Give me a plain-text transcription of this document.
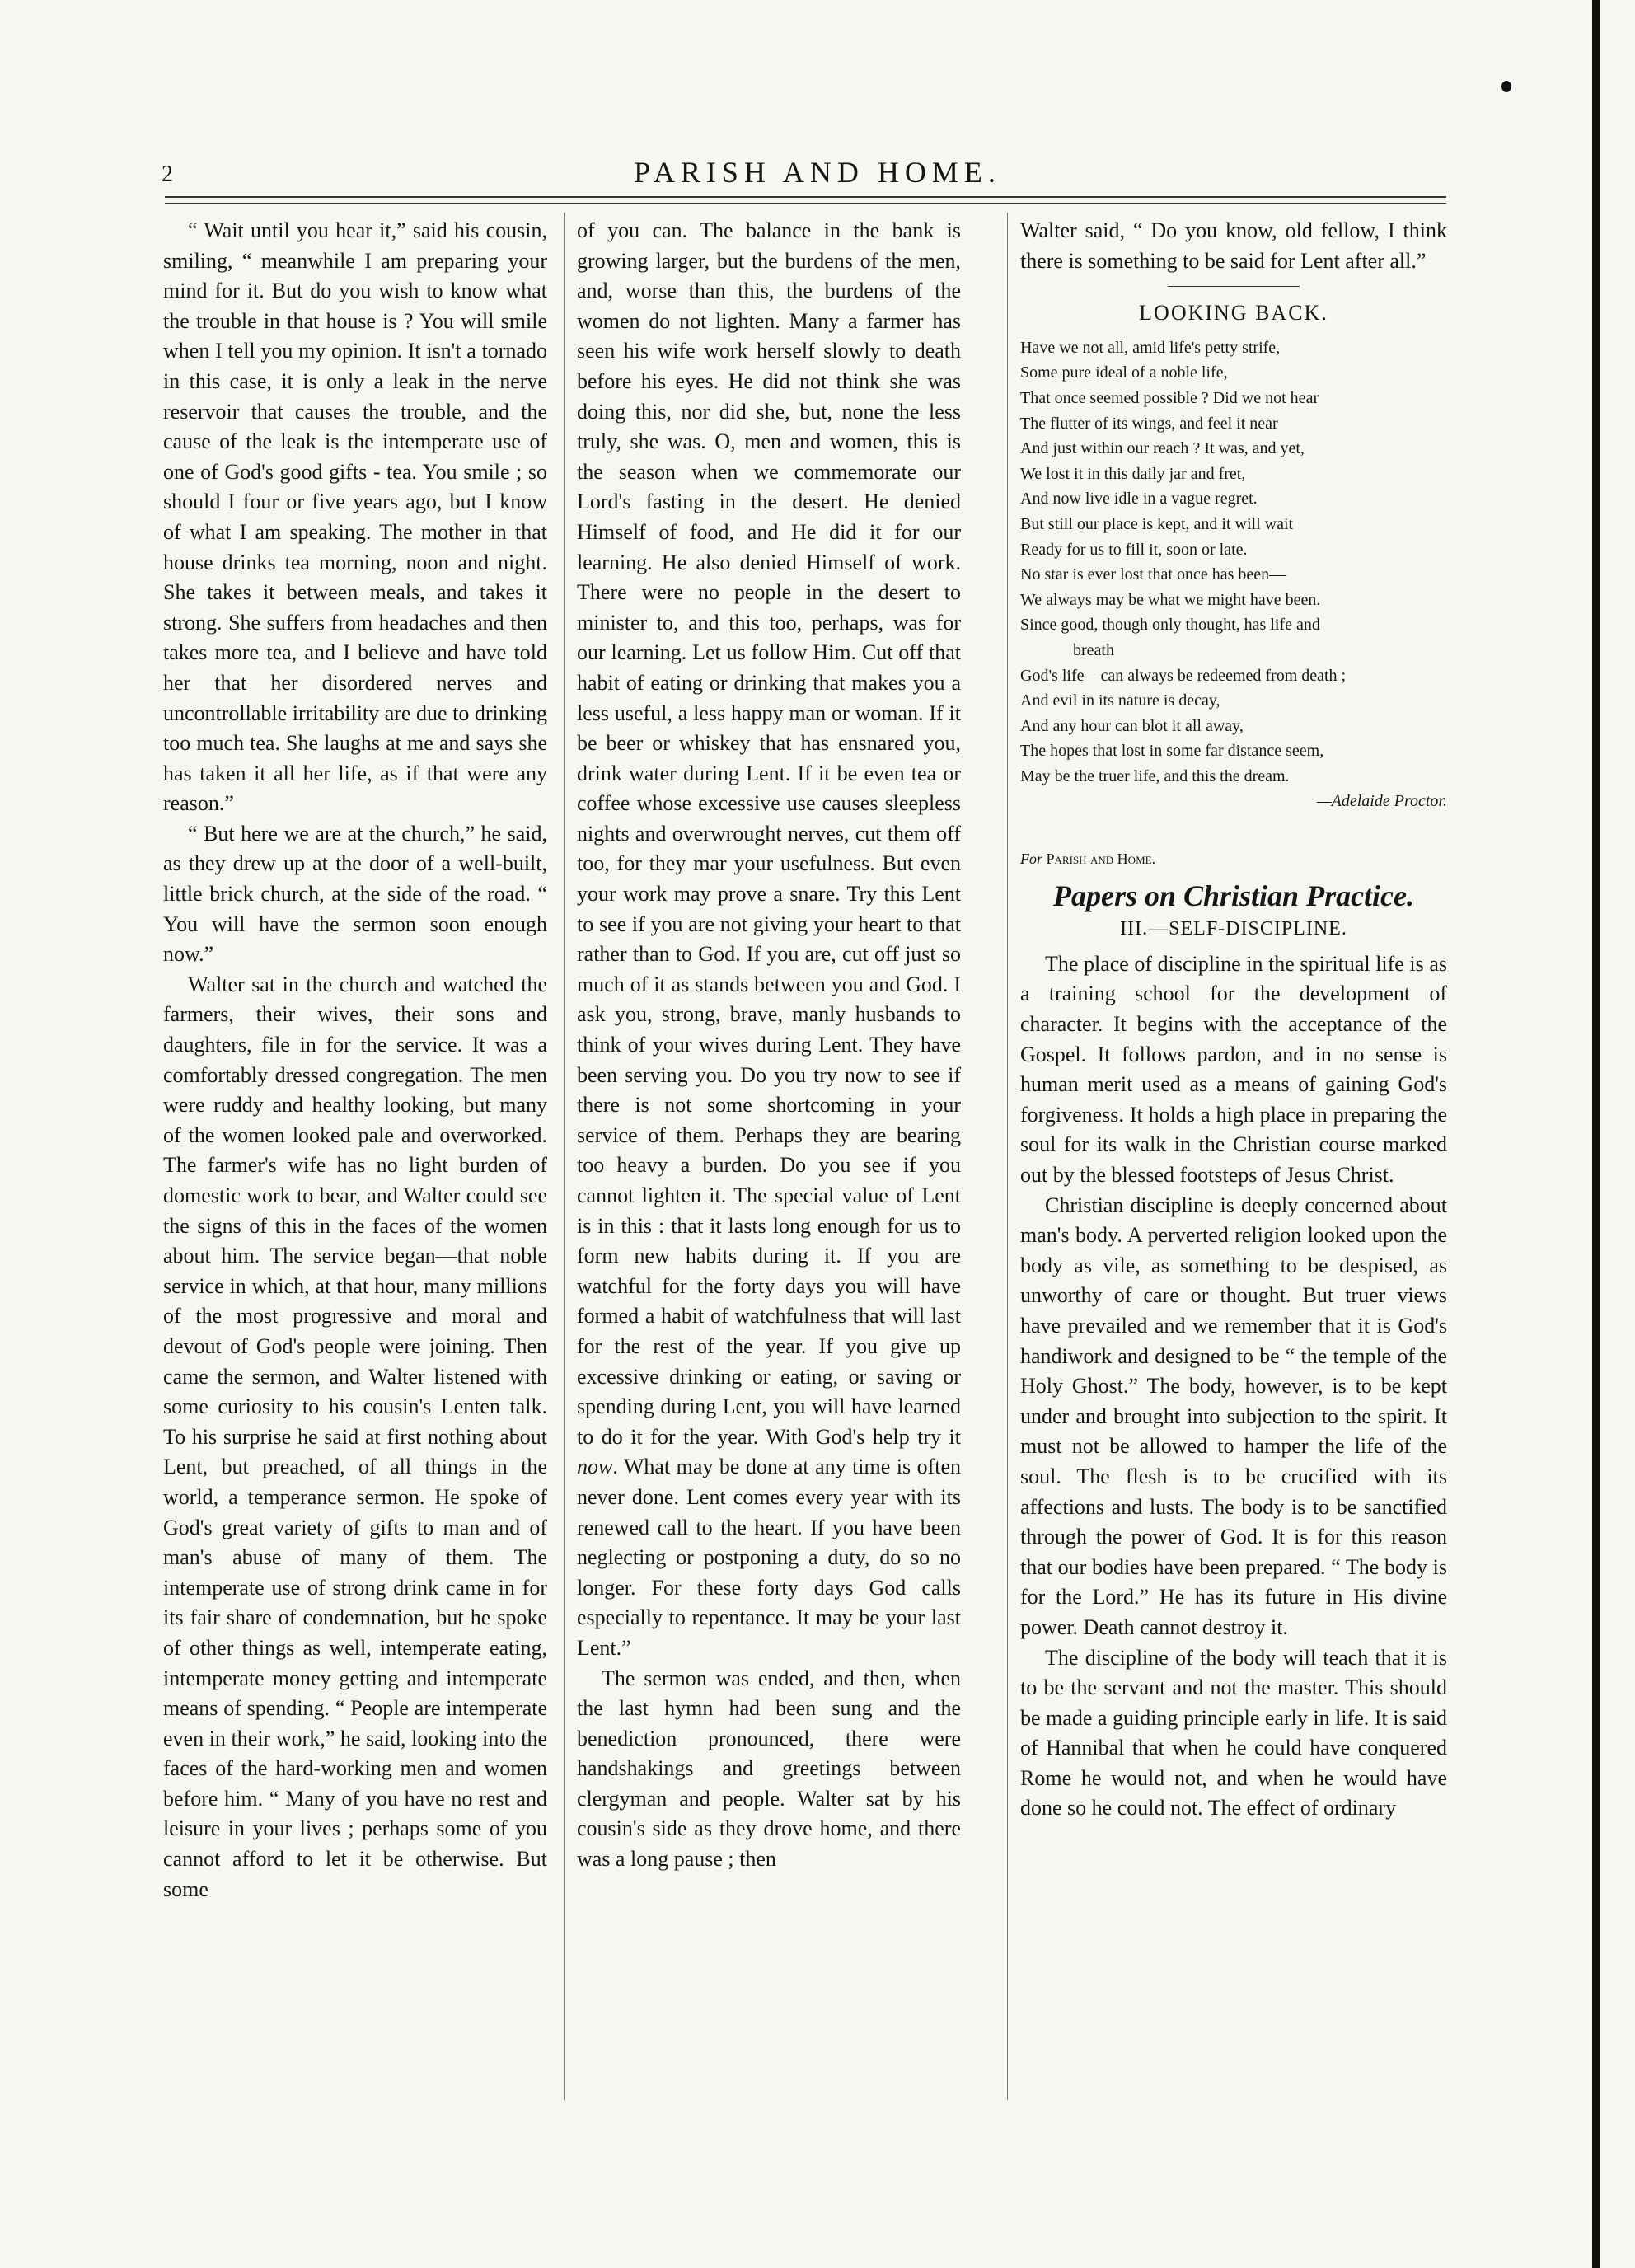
2	PARISH AND HOME.

“ Wait until you hear it,” said his cousin, smiling, “ meanwhile I am preparing your mind for it. But do you wish to know what the trouble in that house is ? You will smile when I tell you my opinion. It isn't a tornado in this case, it is only a leak in the nerve reservoir that causes the trouble, and the cause of the leak is the intemperate use of one of God's good gifts - tea. You smile ; so should I four or five years ago, but I know of what I am speaking. The mother in that house drinks tea morning, noon and night. She takes it between meals, and takes it strong. She suffers from headaches and then takes more tea, and I believe and have told her that her disordered nerves and uncontrollable irritability are due to drinking too much tea. She laughs at me and says she has taken it all her life, as if that were any reason.”

“ But here we are at the church,” he said, as they drew up at the door of a well-built, little brick church, at the side of the road. “ You will have the sermon soon enough now.”

Walter sat in the church and watched the farmers, their wives, their sons and daughters, file in for the service. It was a comfortably dressed congregation. The men were ruddy and healthy looking, but many of the women looked pale and overworked. The farmer's wife has no light burden of domestic work to bear, and Walter could see the signs of this in the faces of the women about him. The service began—that noble service in which, at that hour, many millions of the most progressive and moral and devout of God's people were joining. Then came the sermon, and Walter listened with some curiosity to his cousin's Lenten talk. To his surprise he said at first nothing about Lent, but preached, of all things in the world, a temperance sermon. He spoke of God's great variety of gifts to man and of man's abuse of many of them. The intemperate use of strong drink came in for its fair share of condemnation, but he spoke of other things as well, intemperate eating, intemperate money getting and intemperate means of spending. “ People are intemperate even in their work,” he said, looking into the faces of the hard-working men and women before him. “ Many of you have no rest and leisure in your lives ; perhaps some of you cannot afford to let it be otherwise. But some

of you can. The balance in the bank is growing larger, but the burdens of the men, and, worse than this, the burdens of the women do not lighten. Many a farmer has seen his wife work herself slowly to death before his eyes. He did not think she was doing this, nor did she, but, none the less truly, she was. O, men and women, this is the season when we commemorate our Lord's fasting in the desert. He denied Himself of food, and He did it for our learning. He also denied Himself of work. There were no people in the desert to minister to, and this too, perhaps, was for our learning. Let us follow Him. Cut off that habit of eating or drinking that makes you a less useful, a less happy man or woman. If it be beer or whiskey that has ensnared you, drink water during Lent. If it be even tea or coffee whose excessive use causes sleepless nights and overwrought nerves, cut them off too, for they mar your usefulness. But even your work may prove a snare. Try this Lent to see if you are not giving your heart to that rather than to God. If you are, cut off just so much of it as stands between you and God. I ask you, strong, brave, manly husbands to think of your wives during Lent. They have been serving you. Do you try now to see if there is not some shortcoming in your service of them. Perhaps they are bearing too heavy a burden. Do you see if you cannot lighten it. The special value of Lent is in this : that it lasts long enough for us to form new habits during it. If you are watchful for the forty days you will have formed a habit of watchfulness that will last for the rest of the year. If you give up excessive drinking or eating, or saving or spending during Lent, you will have learned to do it for the year. With God's help try it now. What may be done at any time is often never done. Lent comes every year with its renewed call to the heart. If you have been neglecting or postponing a duty, do so no longer. For these forty days God calls especially to repentance. It may be your last Lent.”

The sermon was ended, and then, when the last hymn had been sung and the benediction pronounced, there were handshakings and greetings between clergyman and people. Walter sat by his cousin's side as they drove home, and there was a long pause ; then

Walter said, “ Do you know, old fellow, I think there is something to be said for Lent after all.”

LOOKING BACK.
Have we not all, amid life's petty strife,
Some pure ideal of a noble life,
That once seemed possible ? Did we not hear
The flutter of its wings, and feel it near
And just within our reach ? It was, and yet,
We lost it in this daily jar and fret,
And now live idle in a vague regret.
But still our place is kept, and it will wait
Ready for us to fill it, soon or late.
No star is ever lost that once has been—
We always may be what we might have been.
Since good, though only thought, has life and
breath
God's life—can always be redeemed from death ;
And evil in its nature is decay,
And any hour can blot it all away,
The hopes that lost in some far distance seem,
May be the truer life, and this the dream.
—Adelaide Proctor.
For Parish and Home.
Papers on Christian Practice.
III.—SELF-DISCIPLINE.

The place of discipline in the spiritual life is as a training school for the development of character. It begins with the acceptance of the Gospel. It follows pardon, and in no sense is human merit used as a means of gaining God's forgiveness. It holds a high place in preparing the soul for its walk in the Christian course marked out by the blessed footsteps of Jesus Christ.

Christian discipline is deeply concerned about man's body. A perverted religion looked upon the body as vile, as something to be despised, as unworthy of care or thought. But truer views have prevailed and we remember that it is God's handiwork and designed to be “ the temple of the Holy Ghost.” The body, however, is to be kept under and brought into subjection to the spirit. It must not be allowed to hamper the life of the soul. The flesh is to be crucified with its affections and lusts. The body is to be sanctified through the power of God. It is for this reason that our bodies have been prepared. “ The body is for the Lord.” He has its future in His divine power. Death cannot destroy it.

The discipline of the body will teach that it is to be the servant and not the master. This should be made a guiding principle early in life. It is said of Hannibal that when he could have conquered Rome he would not, and when he would have done so he could not. The effect of ordinary
